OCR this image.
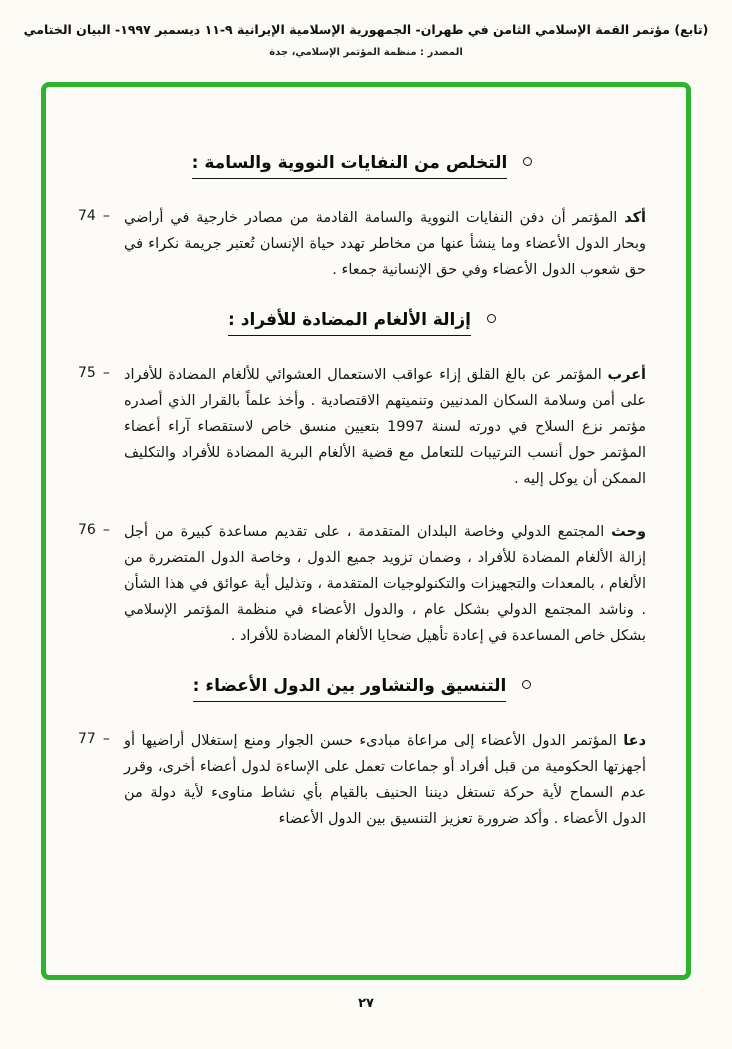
(تابع) مؤتمر القمة الإسلامي الثامن في طهران- الجمهورية الإسلامية الإيرانية ٩-١١ ديسمبر ١٩٩٧- البيان الختامي
المصدر : منظمة المؤتمر الإسلامي، جدة
التخلص من النفايات النووية والسامة :
74 –	أكد المؤتمر أن دفن النفايات النووية والسامة القادمة من مصادر خارجية في أراضي وبحار الدول الأعضاء وما ينشأ عنها من مخاطر تهدد حياة الإنسان تُعتبر جريمة نكراء في حق شعوب الدول الأعضاء وفي حق الإنسانية جمعاء .
إزالة الألغام المضادة للأفراد :
75 –	أعرب المؤتمر عن بالغ القلق إزاء عواقب الاستعمال العشوائي للألغام المضادة للأفراد على أمن وسلامة السكان المدنيين وتنميتهم الاقتصادية . وأخذ علماً بالقرار الذي أصدره مؤتمر نزع السلاح في دورته لسنة 1997 بتعيين منسق خاص لاستقصاء آراء أعضاء المؤتمر حول أنسب الترتيبات للتعامل مع قضية الألغام البرية المضادة للأفراد والتكليف الممكن أن يوكل إليه .
76 –	وحث المجتمع الدولي وخاصة البلدان المتقدمة ، على تقديم مساعدة كبيرة من أجل إزالة الألغام المضادة للأفراد ، وضمان تزويد جميع الدول ، وخاصة الدول المتضررة من الألغام ، بالمعدات والتجهيزات والتكنولوجيات المتقدمة ، وتذليل أية عوائق في هذا الشأن . وناشد المجتمع الدولي بشكل عام ، والدول الأعضاء في منظمة المؤتمر الإسلامي بشكل خاص المساعدة في إعادة تأهيل ضحايا الألغام المضادة للأفراد .
التنسيق والتشاور بين الدول الأعضاء :
77 –	دعا المؤتمر الدول الأعضاء إلى مراعاة مبادىء حسن الجوار ومنع إستغلال أراضيها أو أجهزتها الحكومية من قبل أفراد أو جماعات تعمل على الإساءة لدول أعضاء أخرى، وقرر عدم السماح لأية حركة تستغل ديننا الحنيف بالقيام بأي نشاط مناوىء لأية دولة من الدول الأعضاء . وأكد ضرورة تعزيز التنسيق بين الدول الأعضاء
٢٧
